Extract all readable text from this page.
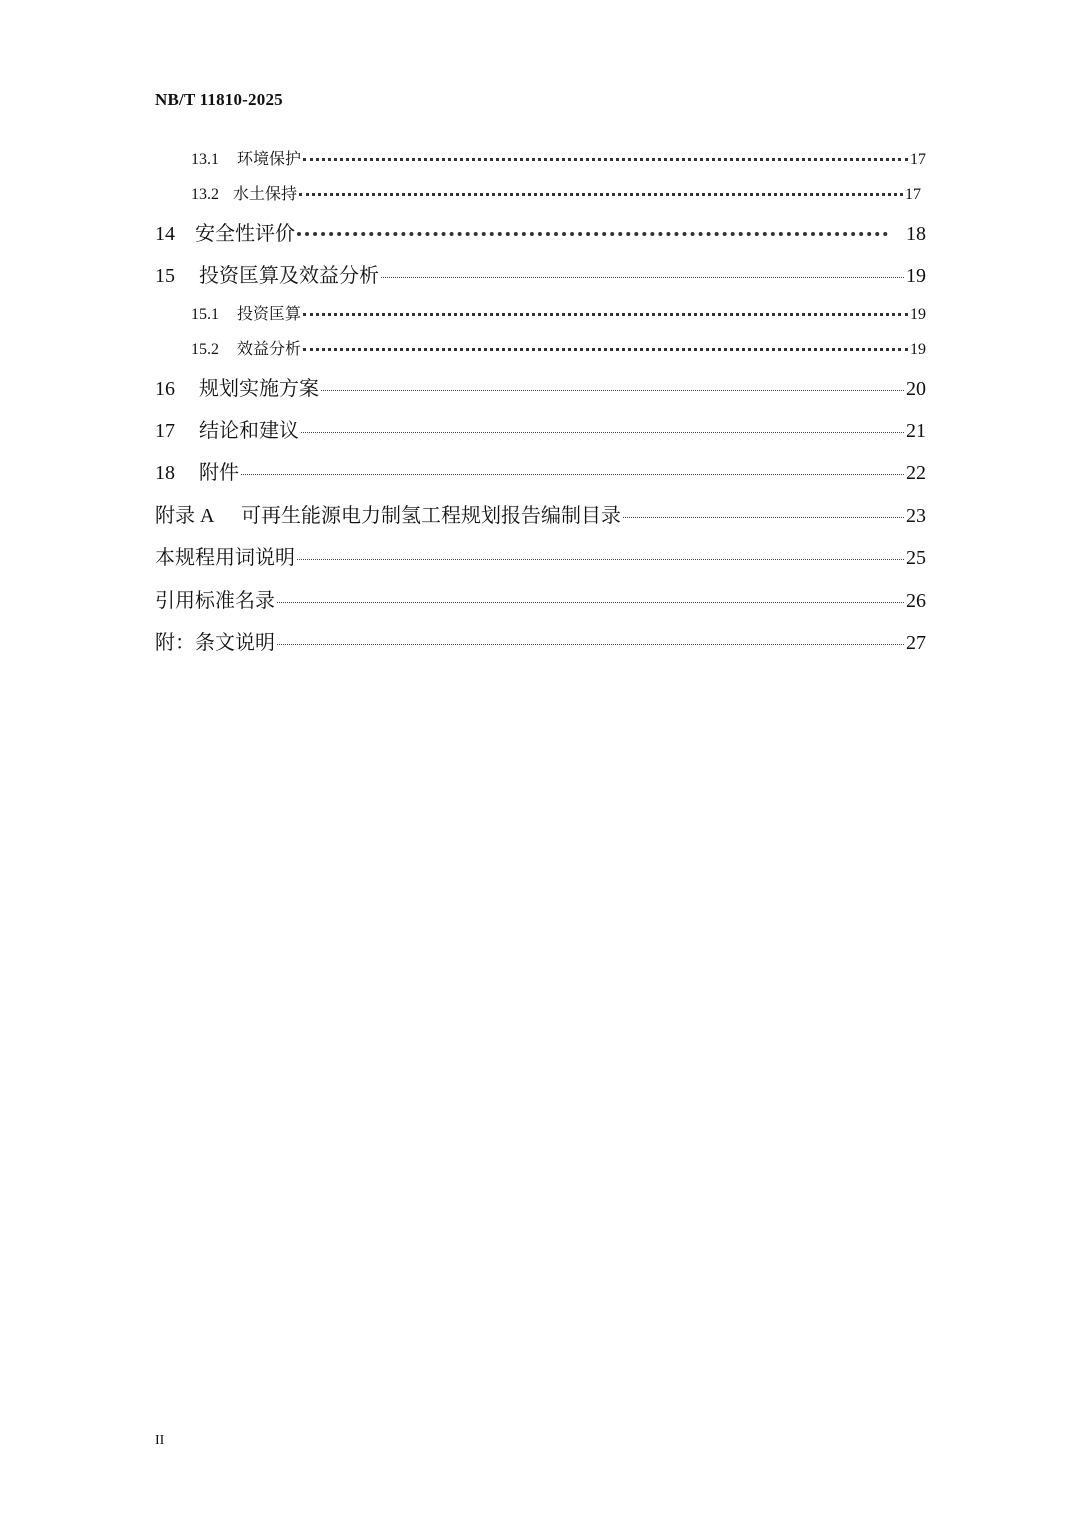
NB/T 11810-2025
13.1	环境保护	17
13.2 水土保持	17
14	安全性评价	18
15	投资匡算及效益分析	19
15.1	投资匡算	19
15.2	效益分析	19
16	规划实施方案	20
17	结论和建议	21
18	附件	22
附录 A	可再生能源电力制氢工程规划报告编制目录	23
本规程用词说明	25
引用标准名录	26
附：条文说明	27
II
